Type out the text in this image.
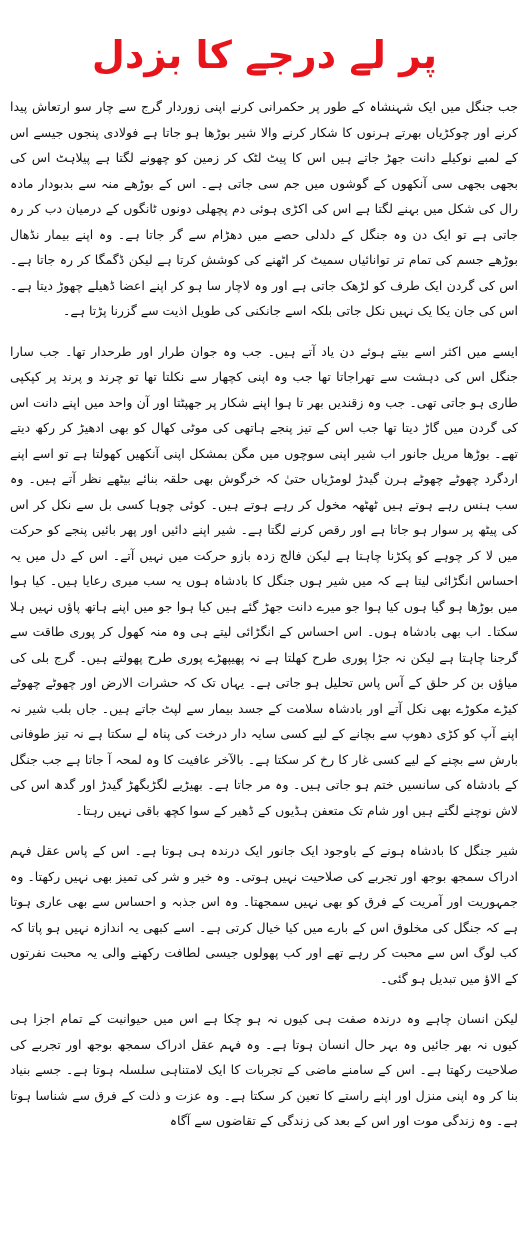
پر لے درجے کا بزدل

جب جنگل میں ایک شہنشاہ کے طور پر حکمرانی کرنے اپنی زوردار گرج سے چار سو ارتعاش پیدا کرنے اور چوکڑیاں بھرتے ہرنوں کا شکار کرنے والا شیر بوڑھا ہو جاتا ہے فولادی پنجوں جیسے اس کے لمبے نوکیلے دانت جھڑ جاتے ہیں اس کا پیٹ لٹک کر زمین کو چھونے لگتا ہے پیلاہٹ اس کی بجھی بجھی سی آنکھوں کے گوشوں میں جم سی جاتی ہے۔ اس کے بوڑھے منہ سے بدبودار مادہ رال کی شکل میں بہنے لگتا ہے اس کی اکڑی ہوئی دم پچھلی دونوں ٹانگوں کے درمیان دب کر رہ جاتی ہے تو ایک دن وہ جنگل کے دلدلی حصے میں دھڑام سے گر جاتا ہے۔ وہ اپنے بیمار نڈھال بوڑھے جسم کی تمام تر توانائیاں سمیٹ کر اٹھنے کی کوشش کرتا ہے لیکن ڈگمگا کر رہ جاتا ہے۔ اس کی گردن ایک طرف کو لڑھک جاتی ہے اور وہ لاچار سا ہو کر اپنے اعضا ڈھیلے چھوڑ دیتا ہے۔ اس کی جان یکا یک نہیں نکل جاتی بلکہ اسے جانکنی کی طویل اذیت سے گزرنا پڑتا ہے۔

ایسے میں اکثر اسے بیتے ہوئے دن یاد آتے ہیں۔ جب وہ جوان طرار اور طرحدار تھا۔ جب سارا جنگل اس کی دہشت سے تھراجاتا تھا جب وہ اپنی کچھار سے نکلتا تھا تو چرند و پرند پر کپکپی طاری ہو جاتی تھی۔ جب وہ زقندیں بھر تا ہوا اپنے شکار پر جھپٹتا اور آن واحد میں اپنے دانت اس کی گردن میں گاڑ دیتا تھا جب اس کے تیز پنجے ہاتھی کی موٹی کھال کو بھی ادھیڑ کر رکھ دیتے تھے۔ بوڑھا مریل جانور اب شیر اپنی سوچوں میں مگن بمشکل اپنی آنکھیں کھولتا ہے تو اسے اپنے اردگرد چھوٹے چھوٹے ہرن گیدڑ لومڑیاں حتیٰ کہ خرگوش بھی حلقہ بنائے بیٹھے نظر آتے ہیں۔ وہ سب ہنس رہے ہوتے ہیں ٹھٹھہ مخول کر رہے ہوتے ہیں۔ کوئی چوہا کسی بل سے نکل کر اس کی پیٹھ پر سوار ہو جاتا ہے اور رقص کرنے لگتا ہے۔ شیر اپنے دائیں اور پھر بائیں پنجے کو حرکت میں لا کر چوہے کو پکڑنا چاہتا ہے لیکن فالج زدہ بازو حرکت میں نہیں آتے۔ اس کے دل میں یہ احساس انگڑائی لیتا ہے کہ میں شیر ہوں جنگل کا بادشاہ ہوں یہ سب میری رعایا ہیں۔ کیا ہوا میں بوڑھا ہو گیا ہوں کیا ہوا جو میرے دانت جھڑ گئے ہیں کیا ہوا جو میں اپنے ہاتھ پاؤں نہیں ہلا سکتا۔ اب بھی بادشاہ ہوں۔ اس احساس کے انگڑائی لیتے ہی وہ منہ کھول کر پوری طاقت سے گرجنا چاہتا ہے لیکن نہ جڑا پوری طرح کھلتا ہے نہ پھیپھڑے پوری طرح پھولتے ہیں۔ گرج بلی کی میاؤں بن کر حلق کے آس پاس تحلیل ہو جاتی ہے۔ یہاں تک کہ حشرات الارض اور چھوٹے چھوٹے کیڑے مکوڑے بھی نکل آتے اور بادشاہ سلامت کے جسد بیمار سے لپٹ جاتے ہیں۔ جاں بلب شیر نہ اپنے آپ کو کڑی دھوپ سے بچانے کے لیے کسی سایہ دار درخت کی پناہ لے سکتا ہے نہ تیز طوفانی بارش سے بچنے کے لیے کسی غار کا رخ کر سکتا ہے۔ بالآخر عافیت کا وہ لمحہ آ جاتا ہے جب جنگل کے بادشاہ کی سانسیں ختم ہو جاتی ہیں۔ وہ مر جاتا ہے۔ بھیڑیے لگڑبگھڑ گیدڑ اور گدھ اس کی لاش نوچنے لگتے ہیں اور شام تک متعفن ہڈیوں کے ڈھیر کے سوا کچھ باقی نہیں رہتا۔

شیر جنگل کا بادشاہ ہونے کے باوجود ایک جانور ایک درندہ ہی ہوتا ہے۔ اس کے پاس عقل فہم ادراک سمجھ بوجھ اور تجربے کی صلاحیت نہیں ہوتی۔ وہ خیر و شر کی تمیز بھی نہیں رکھتا۔ وہ جمہوریت اور آمریت کے فرق کو بھی نہیں سمجھتا۔ وہ اس جذبہ و احساس سے بھی عاری ہوتا ہے کہ جنگل کی مخلوق اس کے بارے میں کیا خیال کرتی ہے۔ اسے کبھی یہ اندازہ نہیں ہو پاتا کہ کب لوگ اس سے محبت کر رہے تھے اور کب پھولوں جیسی لطافت رکھنے والی یہ محبت نفرتوں کے الاؤ میں تبدیل ہو گئی۔

لیکن انسان چاہے وہ درندہ صفت ہی کیوں نہ ہو چکا ہے اس میں حیوانیت کے تمام اجزا ہی کیوں نہ بھر جائیں وہ بہر حال انسان ہوتا ہے۔ وہ فہم عقل ادراک سمجھ بوجھ اور تجربے کی صلاحیت رکھتا ہے۔ اس کے سامنے ماضی کے تجربات کا ایک لامتناہی سلسلہ ہوتا ہے۔ جسے بنیاد بنا کر وہ اپنی منزل اور اپنے راستے کا تعین کر سکتا ہے۔ وہ عزت و ذلت کے فرق سے شناسا ہوتا ہے۔ وہ زندگی موت اور اس کے بعد کی زندگی کے تقاضوں سے آگاہ
